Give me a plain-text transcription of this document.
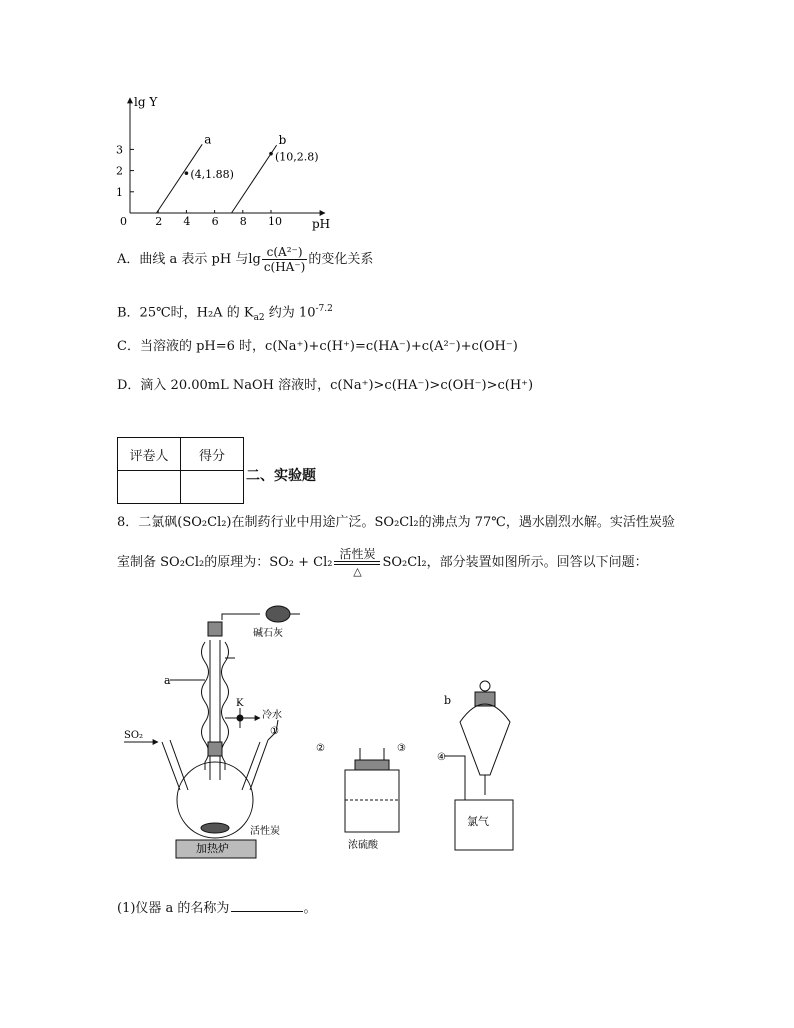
lg Y
pH
0	2 4 6 8 10
1
2
3
a	b
(4,1.88)
(10,2.8)
A．曲线 a 表示 pH 与$\lg \frac{\text{c(A²⁻)}}{c(HA^-)}$ 的变化关系
B．25℃时，H₂A 的 $K_{a2}$ 约为 $10^{-7.2}$
C．当溶液的 pH=6 时，c(Na⁺)+c(H⁺)=c(HA⁻)+c(A²⁻)+c(OH⁻)
D．滴入 20.00mL NaOH 溶液时，c(Na⁺)>c(HA⁻)>c(OH⁻)>c(H⁺)
评卷人	得分

二、实验题
8．二氯砜(SO₂Cl₂)在制药行业中用途广泛。SO₂Cl₂的沸点为 77℃，遇水剧烈水解。实活性炭验
室制备 SO₂Cl₂的原理为：SO₂ + Cl₂
活性炭
△
SO₂Cl₂，部分装置如图所示。回答以下问题：
碱石灰
a
K
冷水
SO₂	①
活性炭
加热炉
②	③
浓硫酸
④
b
氯气
(1)仪器 a 的名称为	。
